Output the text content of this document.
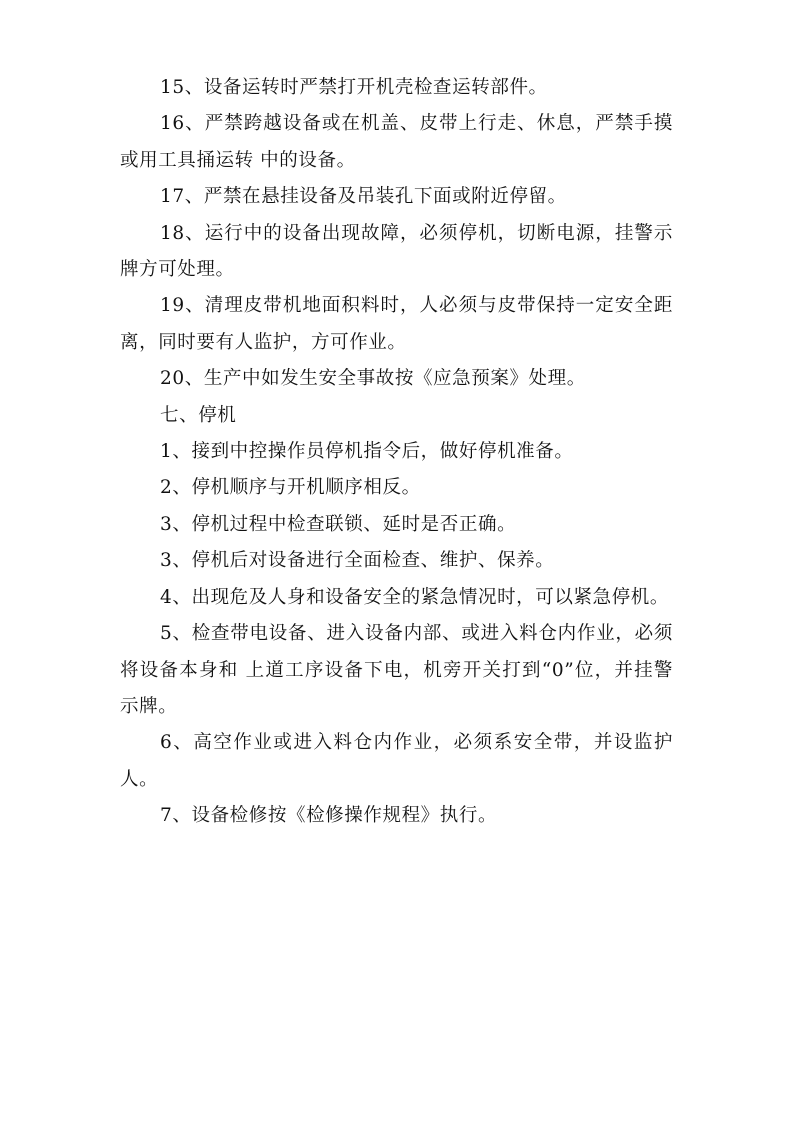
15、设备运转时严禁打开机壳检查运转部件。

16、严禁跨越设备或在机盖、皮带上行走、休息，严禁手摸或用工具捅运转 中的设备。

17、严禁在悬挂设备及吊装孔下面或附近停留。

18、运行中的设备出现故障，必须停机，切断电源，挂警示牌方可处理。

19、清理皮带机地面积料时，人必须与皮带保持一定安全距离，同时要有人监护，方可作业。

20、生产中如发生安全事故按《应急预案》处理。

七、停机

1、接到中控操作员停机指令后，做好停机准备。

2、停机顺序与开机顺序相反。

3、停机过程中检查联锁、延时是否正确。

3、停机后对设备进行全面检查、维护、保养。

4、出现危及人身和设备安全的紧急情况时，可以紧急停机。

5、检查带电设备、进入设备内部、或进入料仓内作业，必须将设备本身和 上道工序设备下电，机旁开关打到“0”位，并挂警示牌。

6、高空作业或进入料仓内作业，必须系安全带，并设监护人。

7、设备检修按《检修操作规程》执行。
